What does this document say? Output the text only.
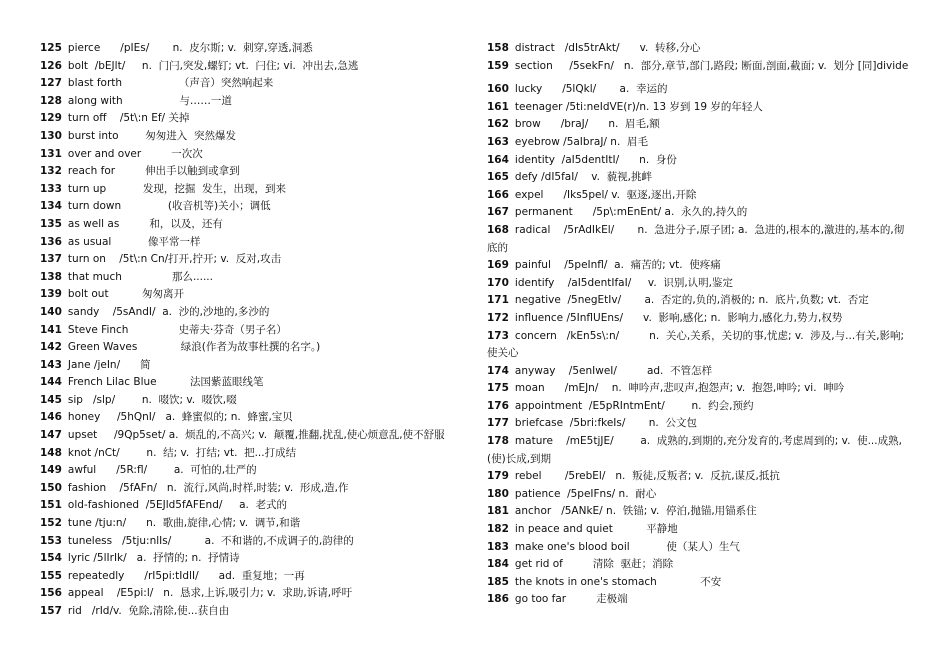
125 pierce      /pIEs/       n.  皮尔斯; v.  刺穿,穿透,洞悉
126 bolt  /bEJlt/     n.  门闩,突发,螺钉; vt.  闩住; vi.  冲出去,急逃
127 blast forth                 （声音）突然响起来
128 along with                 与……一道
129 turn off    /5t\:n Ef/ 关掉
130 burst into        匆匆进入  突然爆发
131 over and over         一次次
132 reach for         伸出手以触到或拿到
133 turn up           发现，挖掘  发生，出现，到来
134 turn down              (收音机等)关小；调低
135 as well as         和，以及，还有
136 as usual           像平常一样
137 turn on    /5t\:n Cn/打开,拧开; v.  反对,攻击
138 that much               那么......
139 bolt out          匆匆离开
140 sandy    /5sAndI/  a.  沙的,沙地的,多沙的
141 Steve Finch               史蒂夫·芬奇（男子名）
142 Green Waves             绿浪(作者为故事杜撰的名字。)
143 Jane /jeIn/      简
144 French Lilac Blue          法国紫蓝眼线笔
145 sip   /slp/        n.  啜饮; v.  啜饮,啜
146 honey     /5hQnI/   a.  蜂蜜似的; n.  蜂蜜,宝贝
147 upset     /9Qp5set/ a.  烦乱的,不高兴; v.  颠覆,推翻,扰乱,使心烦意乱,使不舒服
148 knot /nCt/        n.  结; v.  打结; vt.  把...打成结
149 awful      /5R:fl/        a.  可怕的,壮严的
150 fashion    /5fAFn/   n.  流行,风尚,时样,时装; v.  形成,造,作
151 old-fashioned  /5EJld5fAFEnd/     a.  老式的
152 tune /tju:n/      n.  歌曲,旋律,心情; v.  调节,和谐
153 tuneless   /5tju:nlIs/          a.  不和谐的,不成调子的,韵律的
154 lyric /5lIrIk/   a.  抒情的; n.  抒情诗
155 repeatedly      /rI5pi:tIdlI/      ad.  重复地；一再
156 appeal    /E5pi:l/   n.  恳求,上诉,吸引力; v.  求助,诉请,呼吁
157 rid   /rId/v.  免除,清除,使...获自由
158 distract   /dIs5trAkt/      v.  转移,分心
159 section     /5sekFn/   n.  部分,章节,部门,路段; 断面,剖面,截面; v.  划分 [同]divide
160 lucky      /5lQkl/       a.  幸运的
161 teenager /5ti:neIdVE(r)/n. 13 岁到 19 岁的年轻人
162 brow      /braJ/      n.  眉毛,额
163 eyebrow /5aIbraJ/ n.  眉毛
164 identity  /aI5dentItI/      n.  身份
165 defy /dI5faI/    v.  藐视,挑衅
166 expel      /Iks5pel/ v.  驱逐,逐出,开除
167 permanent      /5p\:mEnEnt/ a.  永久的,持久的
168 radical    /5rAdIkEl/       n.  急进分子,原子团; a.  急进的,根本的,激进的,基本的,彻底的
169 painful    /5peInfl/  a.  痛苦的; vt.  使疼痛
170 identify    /aI5dentIfaI/     v.  识别,认明,鉴定
171 negative  /5negEtIv/       a.  否定的,负的,消极的; n.  底片,负数; vt.  否定
172 influence /5InflUEns/      v.  影响,感化; n.  影响力,感化力,势力,权势
173 concern   /kEn5s\:n/         n.  关心,关系，关切的事,忧虑; v.  涉及,与...有关,影响; 使关心
174 anyway    /5enIweI/         ad.  不管怎样
175 moan      /mEJn/    n.  呻吟声,悲叹声,抱怨声; v.  抱怨,呻吟; vi.  呻吟
176 appointment  /E5pRIntmEnt/        n.  约会,预约
177 briefcase  /5bri:fkeIs/       n.  公文包
178 mature    /mE5tjJE/        a.  成熟的,到期的,充分发育的,考虑周到的; v.  使...成熟,(使)长成,到期
179 rebel       /5rebEl/   n.  叛徒,反叛者; v.  反抗,谋反,抵抗
180 patience  /5peIFns/ n.  耐心
181 anchor   /5ANkE/ n.  铁锚; v.  停泊,抛锚,用锚系住
182 in peace and quiet          平静地
183 make one's blood boil           使（某人）生气
184 get rid of         清除  驱赶；消除
185 the knots in one's stomach             不安
186 go too far         走极端
